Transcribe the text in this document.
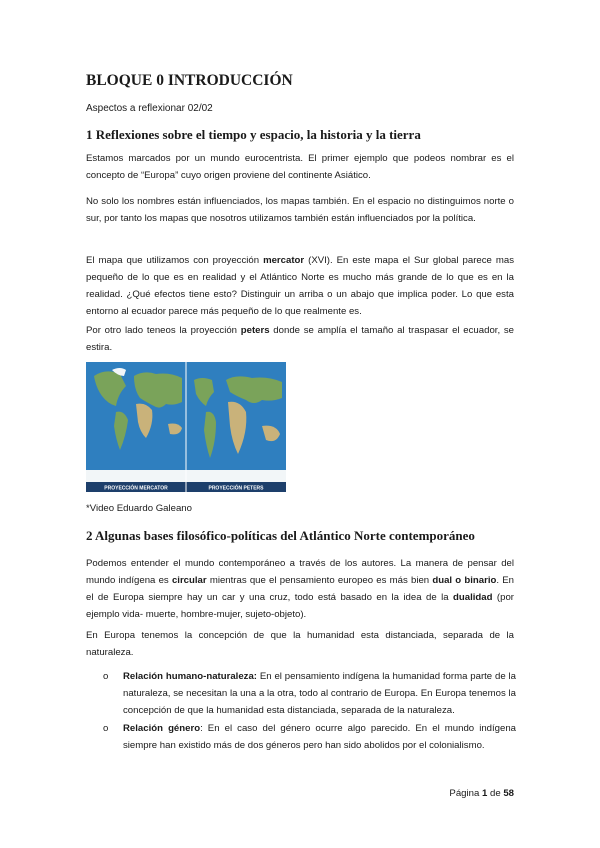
BLOQUE 0 INTRODUCCIÓN
Aspectos a reflexionar 02/02
1 Reflexiones sobre el tiempo y espacio, la historia y la tierra

Estamos marcados por un mundo eurocentrista. El primer ejemplo que podeos nombrar es el concepto de “Europa” cuyo origen proviene del continente Asiático.

No solo los nombres están influenciados, los mapas también. En el espacio no distinguimos norte o sur, por tanto los mapas que nosotros utilizamos también están influenciados por la política.

El mapa que utilizamos con proyección mercator (XVI). En este mapa el Sur global parece mas pequeño de lo que es en realidad y el Atlántico Norte es mucho más grande de lo que es en la realidad. ¿Qué efectos tiene esto? Distinguir un arriba o un abajo que implica poder. Lo que esta entorno al ecuador parece más pequeño de lo que realmente es.

Por otro lado teneos la proyección peters donde se amplía el tamaño al traspasar el ecuador, se estira.

PROYECCIÓN MERCATOR	PROYECCIÓN PETERS
*Video Eduardo Galeano
2 Algunas bases filosófico-políticas del Atlántico Norte contemporáneo

Podemos entender el mundo contemporáneo a través de los autores. La manera de pensar del mundo indígena es circular mientras que el pensamiento europeo es más bien dual o binario. En el de Europa siempre hay un car y una cruz, todo está basado en la idea de la dualidad (por ejemplo vida- muerte, hombre-mujer, sujeto-objeto).

En Europa tenemos la concepción de que la humanidad esta distanciada, separada de la naturaleza.

o Relación humano-naturaleza: En el pensamiento indígena la humanidad forma parte de la naturaleza, se necesitan la una a la otra, todo al contrario de Europa. En Europa tenemos la concepción de que la humanidad esta distanciada, separada de la naturaleza.
o Relación género: En el caso del género ocurre algo parecido. En el mundo indígena siempre han existido más de dos géneros pero han sido abolidos por el colonialismo.
Página 1 de 58
